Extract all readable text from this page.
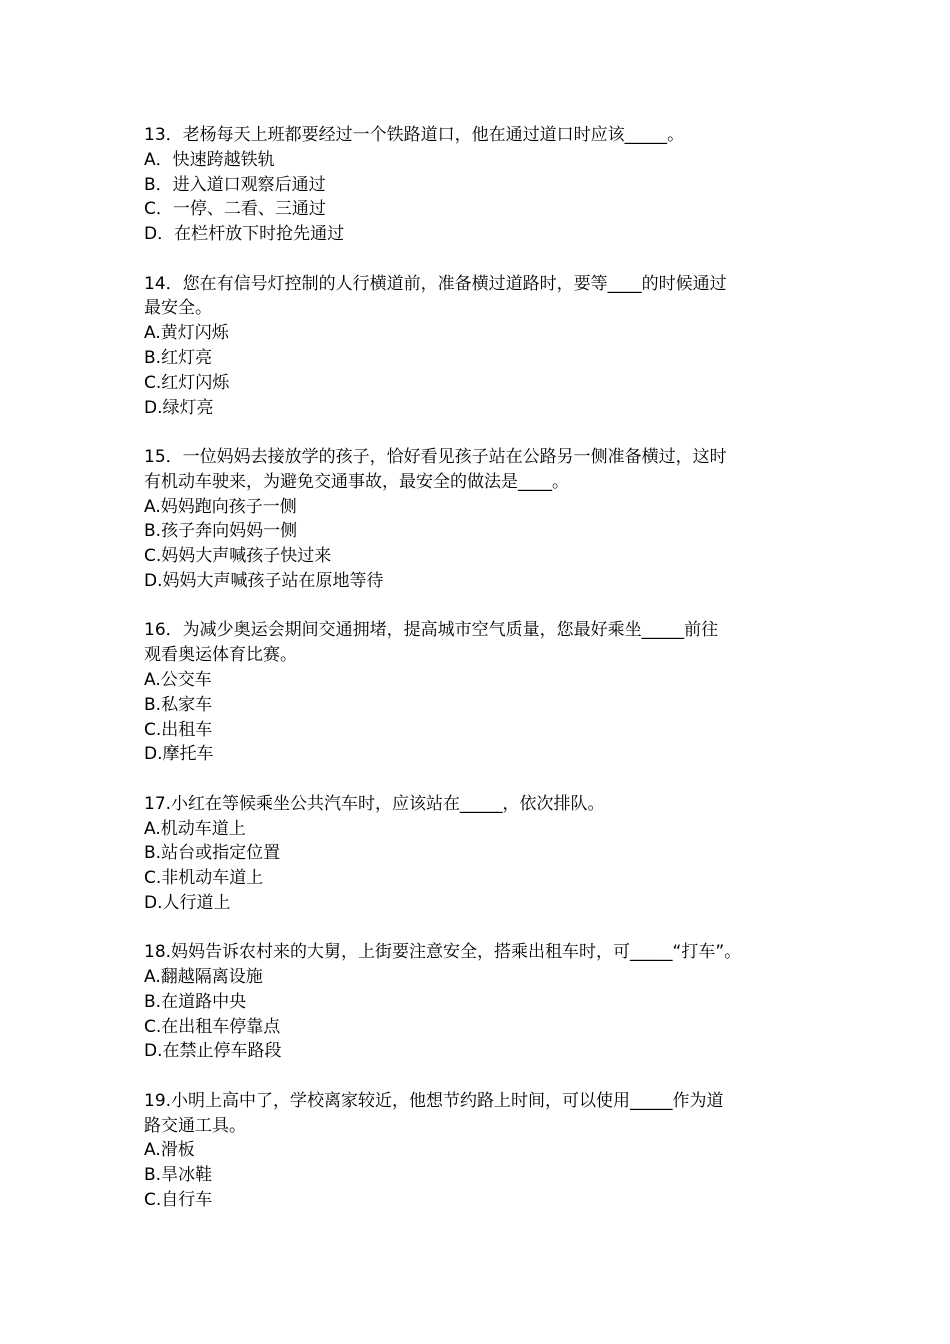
13．老杨每天上班都要经过一个铁路道口，他在通过道口时应该_____。
A．快速跨越铁轨
B．进入道口观察后通过
C．一停、二看、三通过
D．在栏杆放下时抢先通过
14．您在有信号灯控制的人行横道前，准备横过道路时，要等____的时候通过
最安全。
A.黄灯闪烁
B.红灯亮
C.红灯闪烁
D.绿灯亮
15．一位妈妈去接放学的孩子，恰好看见孩子站在公路另一侧准备横过，这时
有机动车驶来，为避免交通事故，最安全的做法是____。
A.妈妈跑向孩子一侧
B.孩子奔向妈妈一侧
C.妈妈大声喊孩子快过来
D.妈妈大声喊孩子站在原地等待
16．为减少奥运会期间交通拥堵，提高城市空气质量，您最好乘坐_____前往
观看奥运体育比赛。
A.公交车
B.私家车
C.出租车
D.摩托车
17.小红在等候乘坐公共汽车时，应该站在_____，依次排队。
A.机动车道上
B.站台或指定位置
C.非机动车道上
D.人行道上
18.妈妈告诉农村来的大舅，上街要注意安全，搭乘出租车时，可_____“打车”。
A.翻越隔离设施
B.在道路中央
C.在出租车停靠点
D.在禁止停车路段
19.小明上高中了，学校离家较近，他想节约路上时间，可以使用_____作为道
路交通工具。
A.滑板
B.旱冰鞋
C.自行车
